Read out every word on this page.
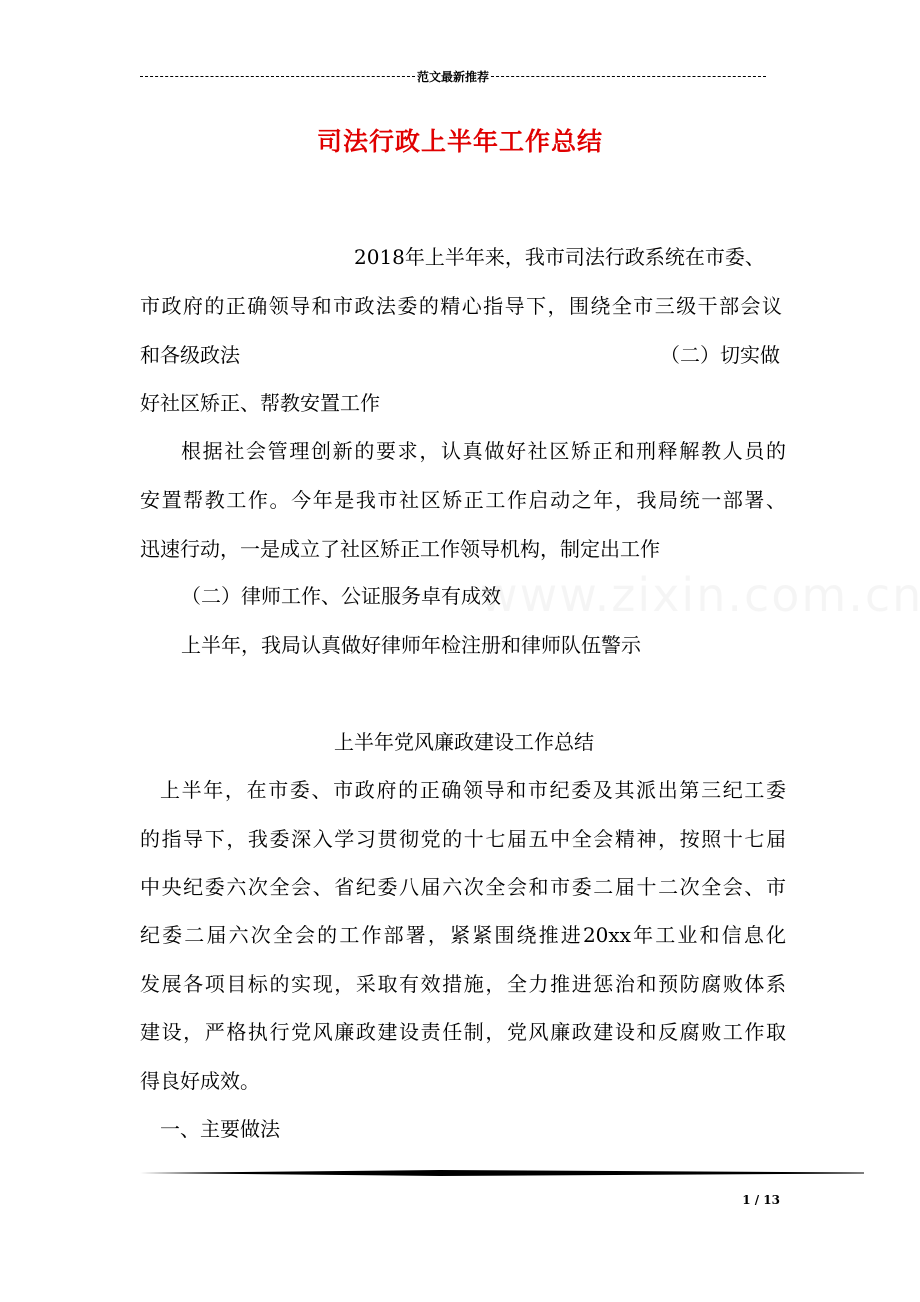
范文最新推荐
司法行政上半年工作总结
2018年上半年来，我市司法行政系统在市委、
市政府的正确领导和市政法委的精心指导下，围绕全市三级干部会议
和各级政法	（二）切实做
好社区矫正、帮教安置工作
根据社会管理创新的要求，认真做好社区矫正和刑释解教人员的
安置帮教工作。今年是我市社区矫正工作启动之年，我局统一部署、
迅速行动，一是成立了社区矫正工作领导机构，制定出工作
（二）律师工作、公证服务卓有成效
上半年，我局认真做好律师年检注册和律师队伍警示
上半年党风廉政建设工作总结
上半年，在市委、市政府的正确领导和市纪委及其派出第三纪工委
的指导下，我委深入学习贯彻党的十七届五中全会精神，按照十七届
中央纪委六次全会、省纪委八届六次全会和市委二届十二次全会、市
纪委二届六次全会的工作部署，紧紧围绕推进20xx年工业和信息化
发展各项目标的实现，采取有效措施，全力推进惩治和预防腐败体系
建设，严格执行党风廉政建设责任制，党风廉政建设和反腐败工作取
得良好成效。
一、主要做法
1 / 13
